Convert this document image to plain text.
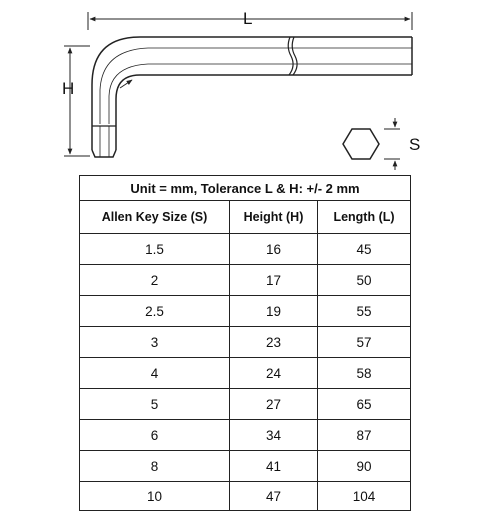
L
H
S
Unit = mm, Tolerance L & H: +/- 2 mm		
Allen Key Size (S)	Height (H)	Length (L)
1.5	16	45
2	17	50
2.5	19	55
3	23	57
4	24	58
5	27	65
6	34	87
8	41	90
10	47	104
